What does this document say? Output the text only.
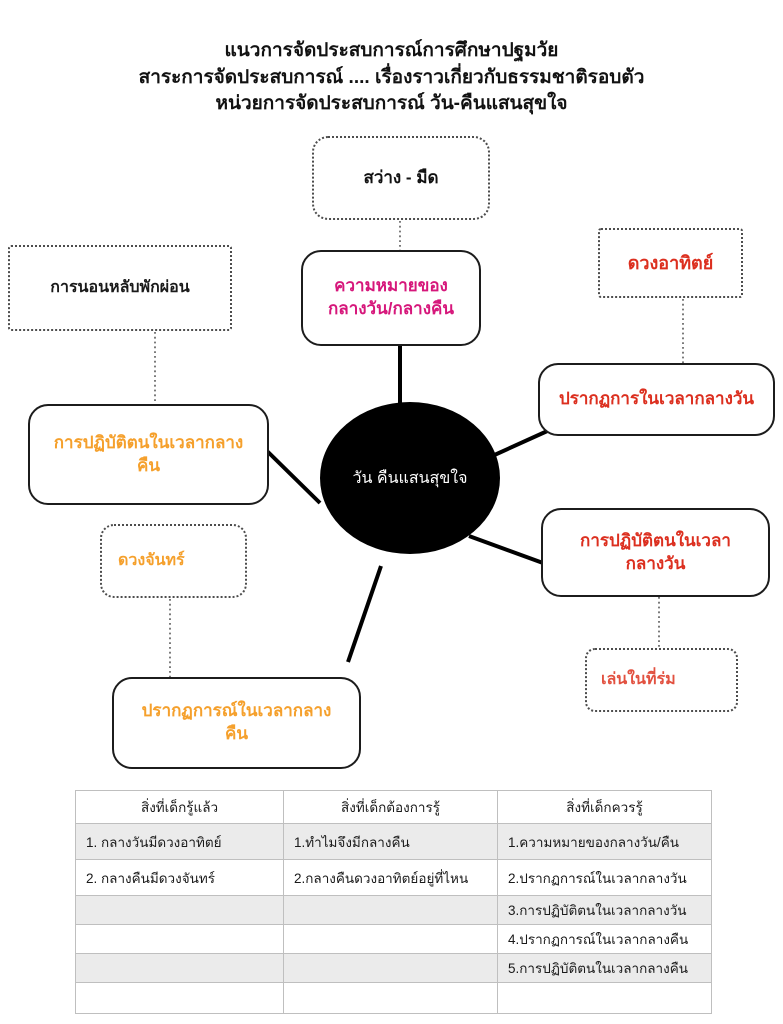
แนวการจัดประสบการณ์การศึกษาปฐมวัย
สาระการจัดประสบการณ์ .... เรื่องราวเกี่ยวกับธรรมชาติรอบตัว
หน่วยการจัดประสบการณ์ วัน-คืนแสนสุขใจ
สว่าง - มืด
ดวงอาทิตย์
การนอนหลับพักผ่อน
ดวงจันทร์
เล่นในที่ร่ม
ความหมายของ
กลางวัน/กลางคืน
ปรากฏการในเวลากลางวัน
การปฏิบัติตนในเวลากลาง
คืน
การปฏิบัติตนในเวลา
กลางวัน
ปรากฏการณ์ในเวลากลาง
คืน
วัน คืนแสนสุขใจ
สิ่งที่เด็กรู้แล้ว	สิ่งที่เด็กต้องการรู้	สิ่งที่เด็กควรรู้
1. กลางวันมีดวงอาทิตย์	1.ทำไมจึงมีกลางคืน	1.ความหมายของกลางวัน/คืน
2. กลางคืนมีดวงจันทร์	2.กลางคืนดวงอาทิตย์อยู่ที่ไหน	2.ปรากฏการณ์ในเวลากลางวัน
		3.การปฏิบัติตนในเวลากลางวัน
		4.ปรากฏการณ์ในเวลากลางคืน
		5.การปฏิบัติตนในเวลากลางคืน
